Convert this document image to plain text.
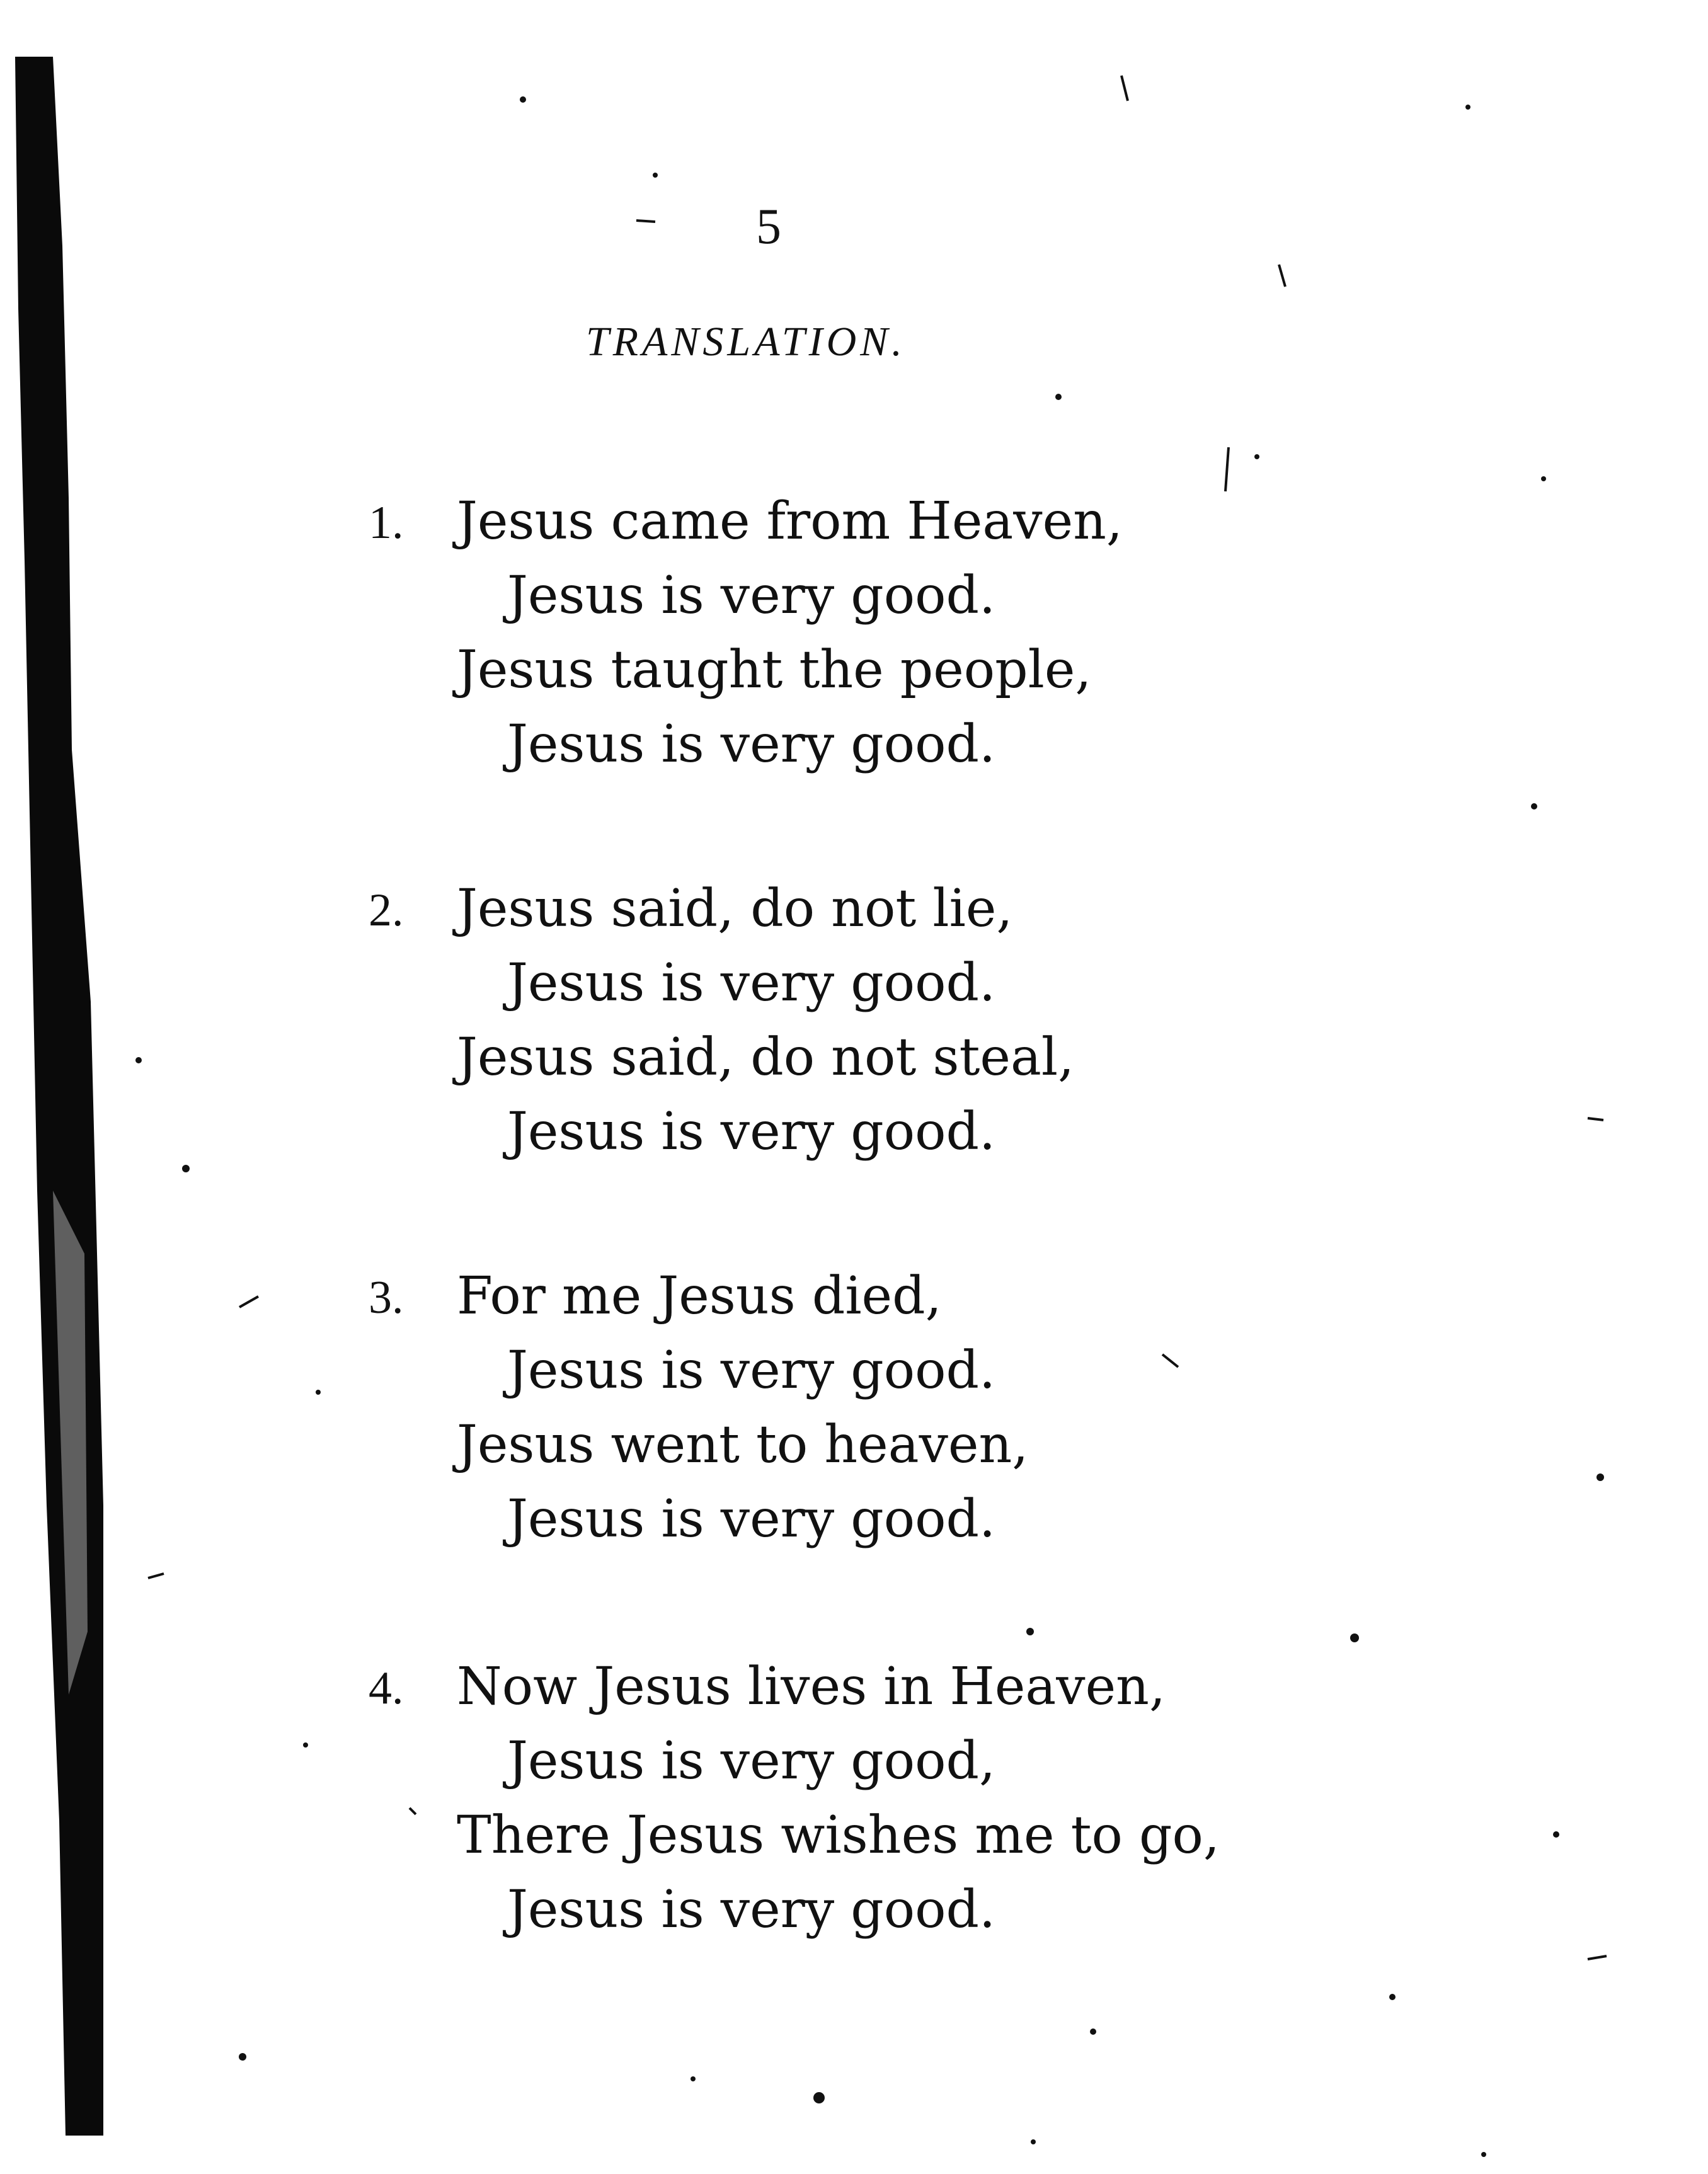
5
TRANSLATION.
1. Jesus came from Heaven,
Jesus is very good.
Jesus taught the people,
Jesus is very good.
2. Jesus said, do not lie,
Jesus is very good.
Jesus said, do not steal,
Jesus is very good.
3. For me Jesus died,
Jesus is very good.
Jesus went to heaven,
Jesus is very good.
4. Now Jesus lives in Heaven,
Jesus is very good,
There Jesus wishes me to go,
Jesus is very good.
